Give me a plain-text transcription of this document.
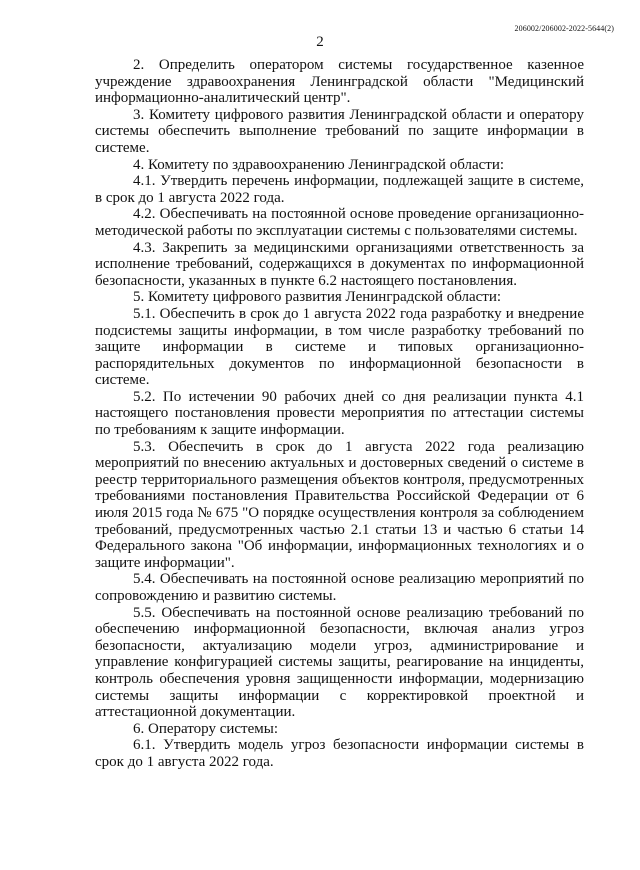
206002/206002-2022-5644(2)
2

2. Определить оператором системы государственное казенное учреждение здравоохранения Ленинградской области "Медицинский информационно-аналитический центр".

3. Комитету цифрового развития Ленинградской области и оператору системы обеспечить выполнение требований по защите информации в системе.

4. Комитету по здравоохранению Ленинградской области:

4.1. Утвердить перечень информации, подлежащей защите в системе, в срок до 1 августа 2022 года.

4.2. Обеспечивать на постоянной основе проведение организационно-методической работы по эксплуатации системы с пользователями системы.

4.3. Закрепить за медицинскими организациями ответственность за исполнение требований, содержащихся в документах по информационной безопасности, указанных в пункте 6.2 настоящего постановления.

5. Комитету цифрового развития Ленинградской области:

5.1. Обеспечить в срок до 1 августа 2022 года разработку и внедрение подсистемы защиты информации, в том числе разработку требований по защите информации в системе и типовых организационно-распорядительных документов по информационной безопасности в системе.

5.2. По истечении 90 рабочих дней со дня реализации пункта 4.1 настоящего постановления провести мероприятия по аттестации системы по требованиям к защите информации.

5.3. Обеспечить в срок до 1 августа 2022 года реализацию мероприятий по внесению актуальных и достоверных сведений о системе в реестр территориального размещения объектов контроля, предусмотренных требованиями постановления Правительства Российской Федерации от 6 июля 2015 года № 675 "О порядке осуществления контроля за соблюдением требований, предусмотренных частью 2.1 статьи 13 и частью 6 статьи 14 Федерального закона "Об информации, информационных технологиях и о защите информации".

5.4. Обеспечивать на постоянной основе реализацию мероприятий по сопровождению и развитию системы.

5.5. Обеспечивать на постоянной основе реализацию требований по обеспечению информационной безопасности, включая анализ угроз безопасности, актуализацию модели угроз, администрирование и управление конфигурацией системы защиты, реагирование на инциденты, контроль обеспечения уровня защищенности информации, модернизацию системы защиты информации с корректировкой проектной и аттестационной документации.

6. Оператору системы:

6.1. Утвердить модель угроз безопасности информации системы в срок до 1 августа 2022 года.
